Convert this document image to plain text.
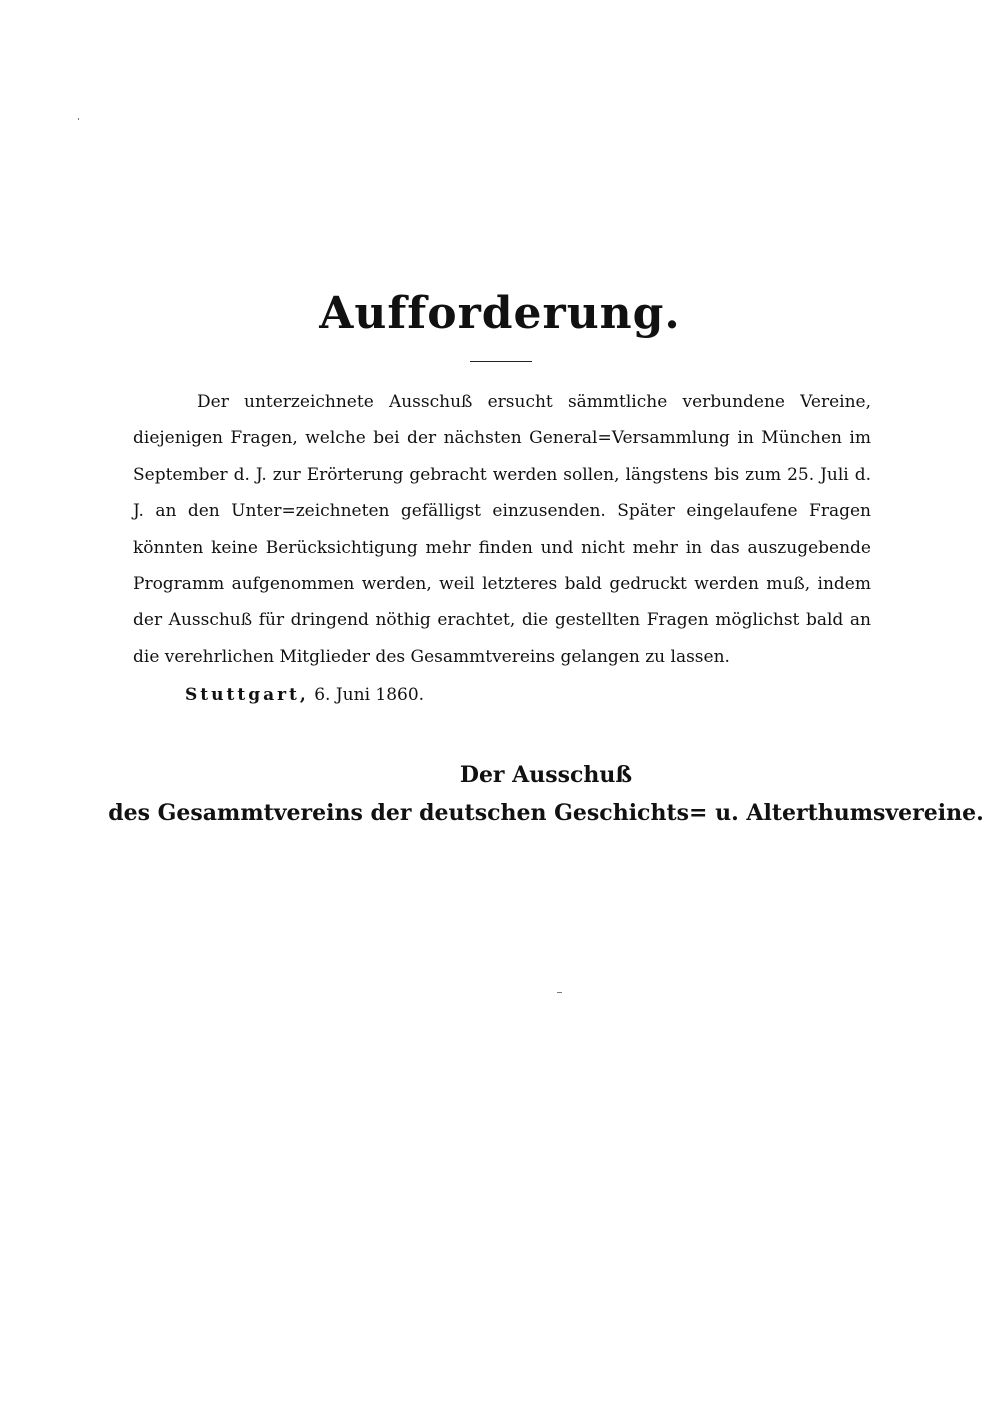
Aufforderung.

Der unterzeichnete Ausschuß ersucht sämmtliche verbundene Vereine, diejenigen Fragen, welche bei der nächsten General=Versammlung in München im September d. J. zur Erörterung gebracht werden sollen, längstens bis zum 25. Juli d. J. an den Unter=zeichneten gefälligst einzusenden. Später eingelaufene Fragen könnten keine Berücksichtigung mehr finden und nicht mehr in das auszugebende Programm aufgenommen werden, weil letzteres bald gedruckt werden muß, indem der Ausschuß für dringend nöthig erachtet, die gestellten Fragen möglichst bald an die verehrlichen Mitglieder des Gesammtvereins gelangen zu lassen.

Stuttgart, 6. Juni 1860.

Der Ausschuß

des Gesammtvereins der deutschen Geschichts= u. Alterthumsvereine.
